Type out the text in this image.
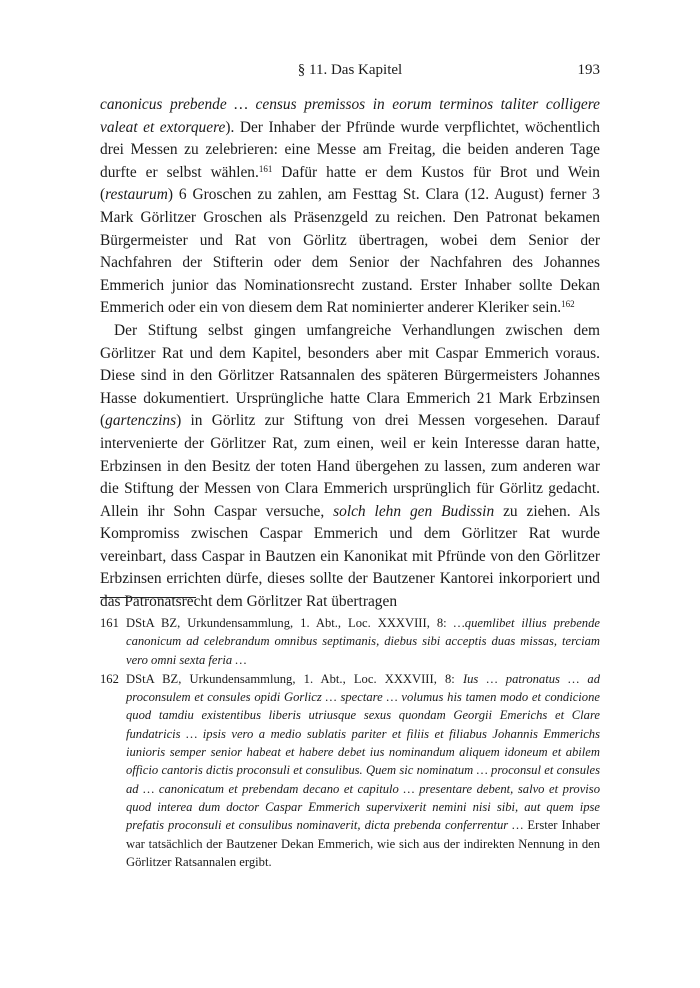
§ 11. Das Kapitel	193

canonicus prebende … census premissos in eorum terminos taliter colligere valeat et extorquere). Der Inhaber der Pfründe wurde verpflichtet, wöchentlich drei Messen zu zelebrieren: eine Messe am Freitag, die beiden anderen Tage durfte er selbst wählen.$^{161}$ Dafür hatte er dem Kustos für Brot und Wein (restaurum) 6 Groschen zu zahlen, am Festtag St. Clara (12. August) ferner 3 Mark Görlitzer Groschen als Präsenzgeld zu reichen. Den Patronat bekamen Bürgermeister und Rat von Görlitz übertragen, wobei dem Senior der Nachfahren der Stifterin oder dem Senior der Nachfahren des Johannes Emmerich junior das Nominationsrecht zustand. Erster Inhaber sollte Dekan Emmerich oder ein von diesem dem Rat nominierter anderer Kleriker sein.$^{162}$

Der Stiftung selbst gingen umfangreiche Verhandlungen zwischen dem Görlitzer Rat und dem Kapitel, besonders aber mit Caspar Emmerich voraus. Diese sind in den Görlitzer Ratsannalen des späteren Bürgermeisters Johannes Hasse dokumentiert. Ursprüngliche hatte Clara Emmerich 21 Mark Erbzinsen (gartenczins) in Görlitz zur Stiftung von drei Messen vorgesehen. Darauf intervenierte der Görlitzer Rat, zum einen, weil er kein Interesse daran hatte, Erbzinsen in den Besitz der toten Hand übergehen zu lassen, zum anderen war die Stiftung der Messen von Clara Emmerich ursprünglich für Görlitz gedacht. Allein ihr Sohn Caspar versuche, solch lehn gen Budissin zu ziehen. Als Kompromiss zwischen Caspar Emmerich und dem Görlitzer Rat wurde vereinbart, dass Caspar in Bautzen ein Kanonikat mit Pfründe von den Görlitzer Erbzinsen errichten dürfe, dieses sollte der Bautzener Kantorei inkorporiert und das Patronatsrecht dem Görlitzer Rat übertragen

161 DStA BZ, Urkundensammlung, 1. Abt., Loc. XXXVIII, 8: …quemlibet illius prebende canonicum ad celebrandum omnibus septimanis, diebus sibi acceptis duas missas, terciam vero omni sexta feria …
162 DStA BZ, Urkundensammlung, 1. Abt., Loc. XXXVIII, 8: Ius … patronatus … ad proconsulem et consules opidi Gorlicz … spectare … volumus his tamen modo et condicione quod tamdiu existentibus liberis utriusque sexus quondam Georgii Emerichs et Clare fundatricis … ipsis vero a medio sublatis pariter et filiis et filiabus Johannis Emmerichs iunioris semper senior habeat et habere debet ius nominandum aliquem idoneum et abilem officio cantoris dictis proconsuli et consulibus. Quem sic nominatum … proconsul et consules ad … canonicatum et prebendam decano et capitulo … presentare debent, salvo et proviso quod interea dum doctor Caspar Emmerich supervixerit nemini nisi sibi, aut quem ipse prefatis proconsuli et consulibus nominaverit, dicta prebenda conferrentur … Erster Inhaber war tatsächlich der Bautzener Dekan Emmerich, wie sich aus der indirekten Nennung in den Görlitzer Ratsannalen ergibt.
